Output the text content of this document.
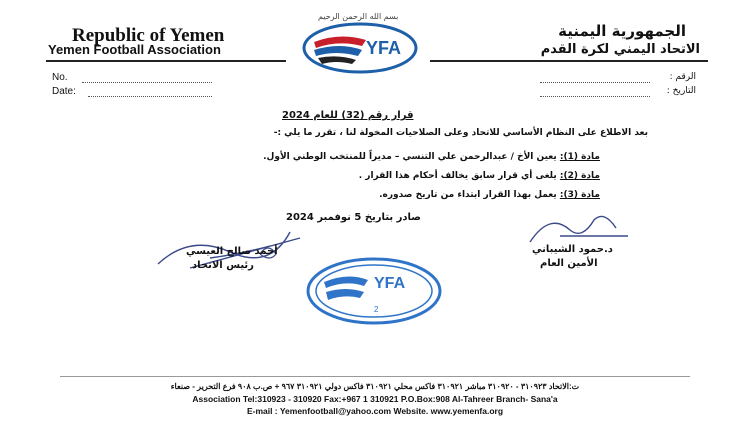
Republic of Yemen
Yemen Football Association
الجمهورية اليمنية
الاتحاد اليمني لكرة القدم
بسم الله الرحمن الرحيم
YFA
No.
Date:
الرقم :
التاريخ :
قرار رقم (32) للعام 2024
بعد الاطلاع على النظام الأساسي للاتحاد وعلى الصلاحيات المخولة لنا ، تقرر ما يلي :-
مادة (1): يعين الأخ / عبدالرحمن علي التنسي – مديراً للمنتخب الوطني الأول.
مادة (2): يلغى أي قرار سابق يخالف أحكام هذا القرار .
مادة (3): يعمل بهذا القرار ابتداء من تاريخ صدوره.
صادر بتاريخ 5 نوفمبر 2024
أحمد صالح العيسي
رئيس الاتحاد
د.حمود الشيباني
الأمين العام
YFA
2
ت:الاتحاد ٣١٠٩٢٣ - ٣١٠٩٢٠ مباشر ٣١٠٩٢١ فاكس محلي ٣١٠٩٢١ فاكس دولي ٣١٠٩٢١ ٩٦٧ + ص.ب ٩٠٨ فرع التحرير - صنعاء
Association Tel:310923 - 310920 Fax:+967 1 310921 P.O.Box:908 Al-Tahreer Branch- Sana'a
E-mail : Yemenfootball@yahoo.com Website. www.yemenfa.org
